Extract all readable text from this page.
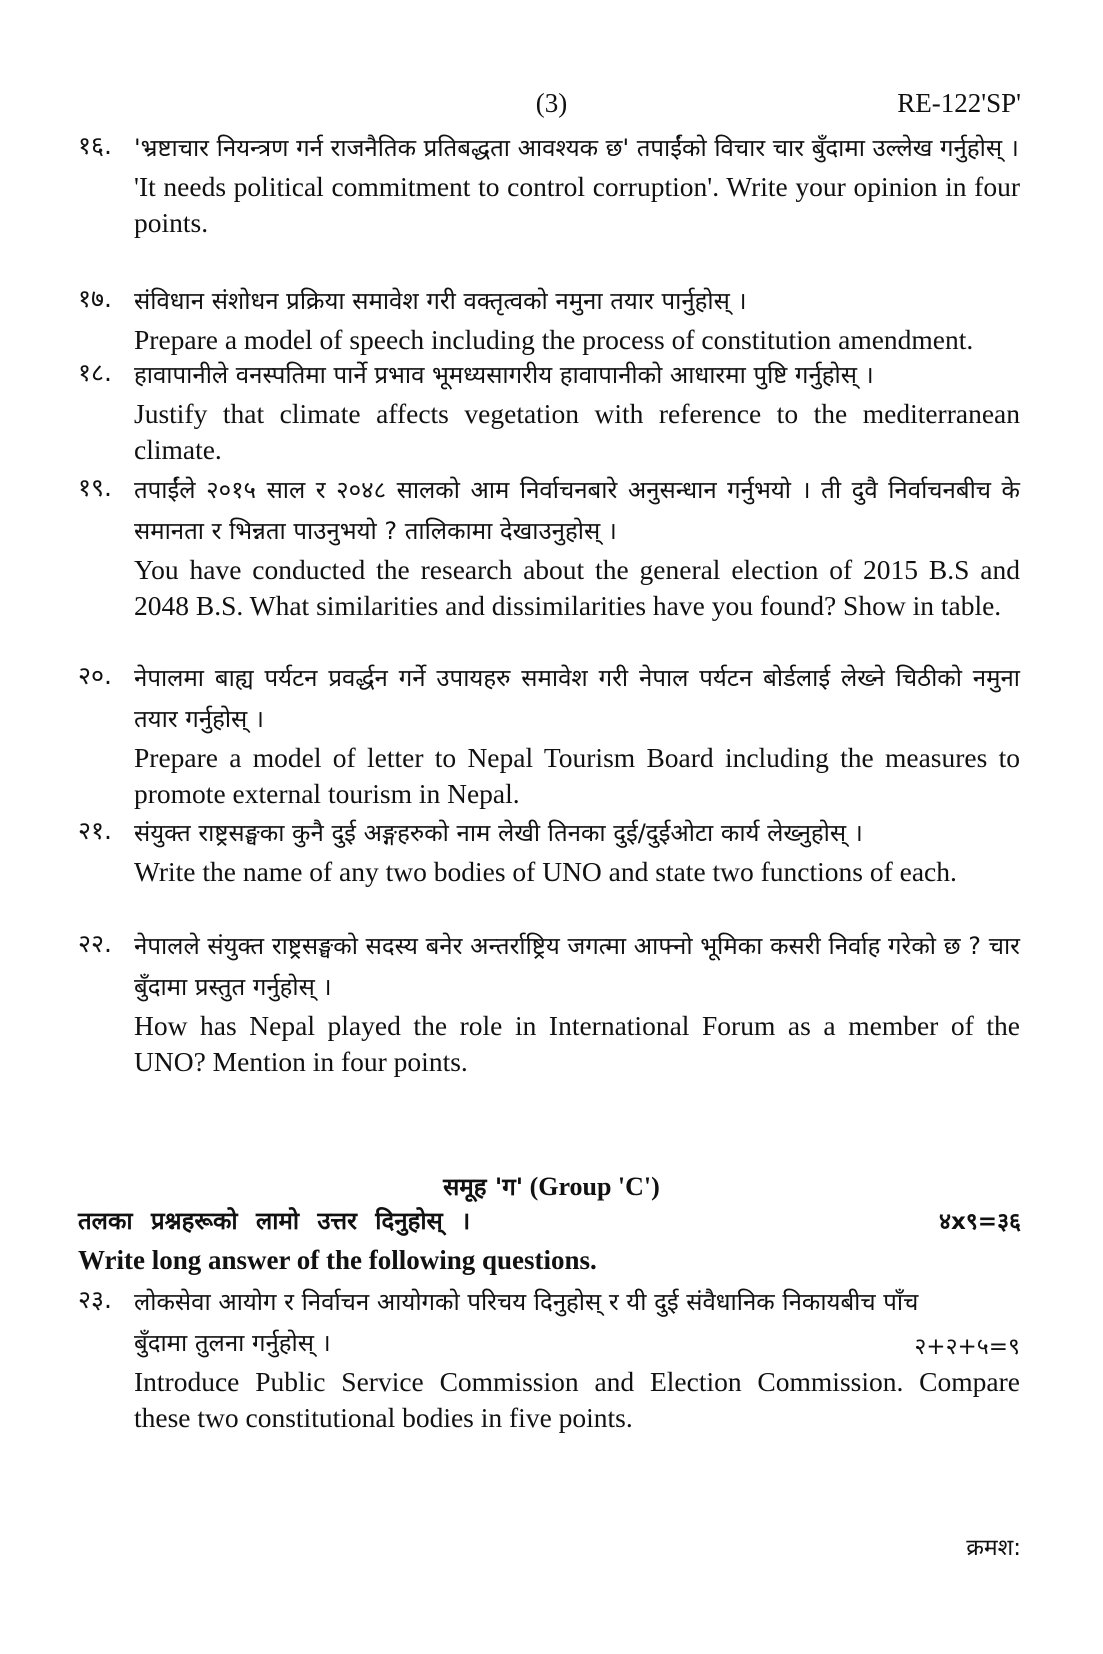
(3)	RE-122'SP'
१६. 'भ्रष्टाचार नियन्त्रण गर्न राजनैतिक प्रतिबद्धता आवश्यक छ' तपाईंको विचार चार बुँदामा उल्लेख गर्नुहोस् ।

'It needs political commitment to control corruption'. Write your opinion in four points.

१७. संविधान संशोधन प्रक्रिया समावेश गरी वक्तृत्वको नमुना तयार पार्नुहोस् ।

Prepare a model of speech including the process of constitution amendment.

१८. हावापानीले वनस्पतिमा पार्ने प्रभाव भूमध्यसागरीय हावापानीको आधारमा पुष्टि गर्नुहोस् ।

Justify that climate affects vegetation with reference to the mediterranean climate.

१९. तपाईंले २०१५ साल र २०४८ सालको आम निर्वाचनबारे अनुसन्धान गर्नुभयो । ती दुवै निर्वाचनबीच के समानता र भिन्नता पाउनुभयो ? तालिकामा देखाउनुहोस् ।

You have conducted the research about the general election of 2015 B.S and 2048 B.S. What similarities and dissimilarities have you found? Show in table.

२०. नेपालमा बाह्य पर्यटन प्रवर्द्धन गर्ने उपायहरु समावेश गरी नेपाल पर्यटन बोर्डलाई लेख्ने चिठीको नमुना तयार गर्नुहोस् ।

Prepare a model of letter to Nepal Tourism Board including the measures to promote external tourism in Nepal.

२१. संयुक्त राष्ट्रसङ्घका कुनै दुई अङ्गहरुको नाम लेखी तिनका दुई/दुईओटा कार्य लेख्नुहोस् ।

Write the name of any two bodies of UNO and state two functions of each.

२२. नेपालले संयुक्त राष्ट्रसङ्घको सदस्य बनेर अन्तर्राष्ट्रिय जगत्मा आफ्नो भूमिका कसरी निर्वाह गरेको छ ? चार बुँदामा प्रस्तुत गर्नुहोस् ।

How has Nepal played the role in International Forum as a member of the UNO? Mention in four points.

समूह 'ग' (Group 'C')
तलका प्रश्नहरूको लामो उत्तर दिनुहोस् ।	४x९=३६
Write long answer of the following questions.
२३. लोकसेवा आयोग र निर्वाचन आयोगको परिचय दिनुहोस् र यी दुई संवैधानिक निकायबीच पाँच

बुँदामा तुलना गर्नुहोस् ।	२+२+५=९

Introduce Public Service Commission and Election Commission. Compare these two constitutional bodies in five points.

क्रमश:
